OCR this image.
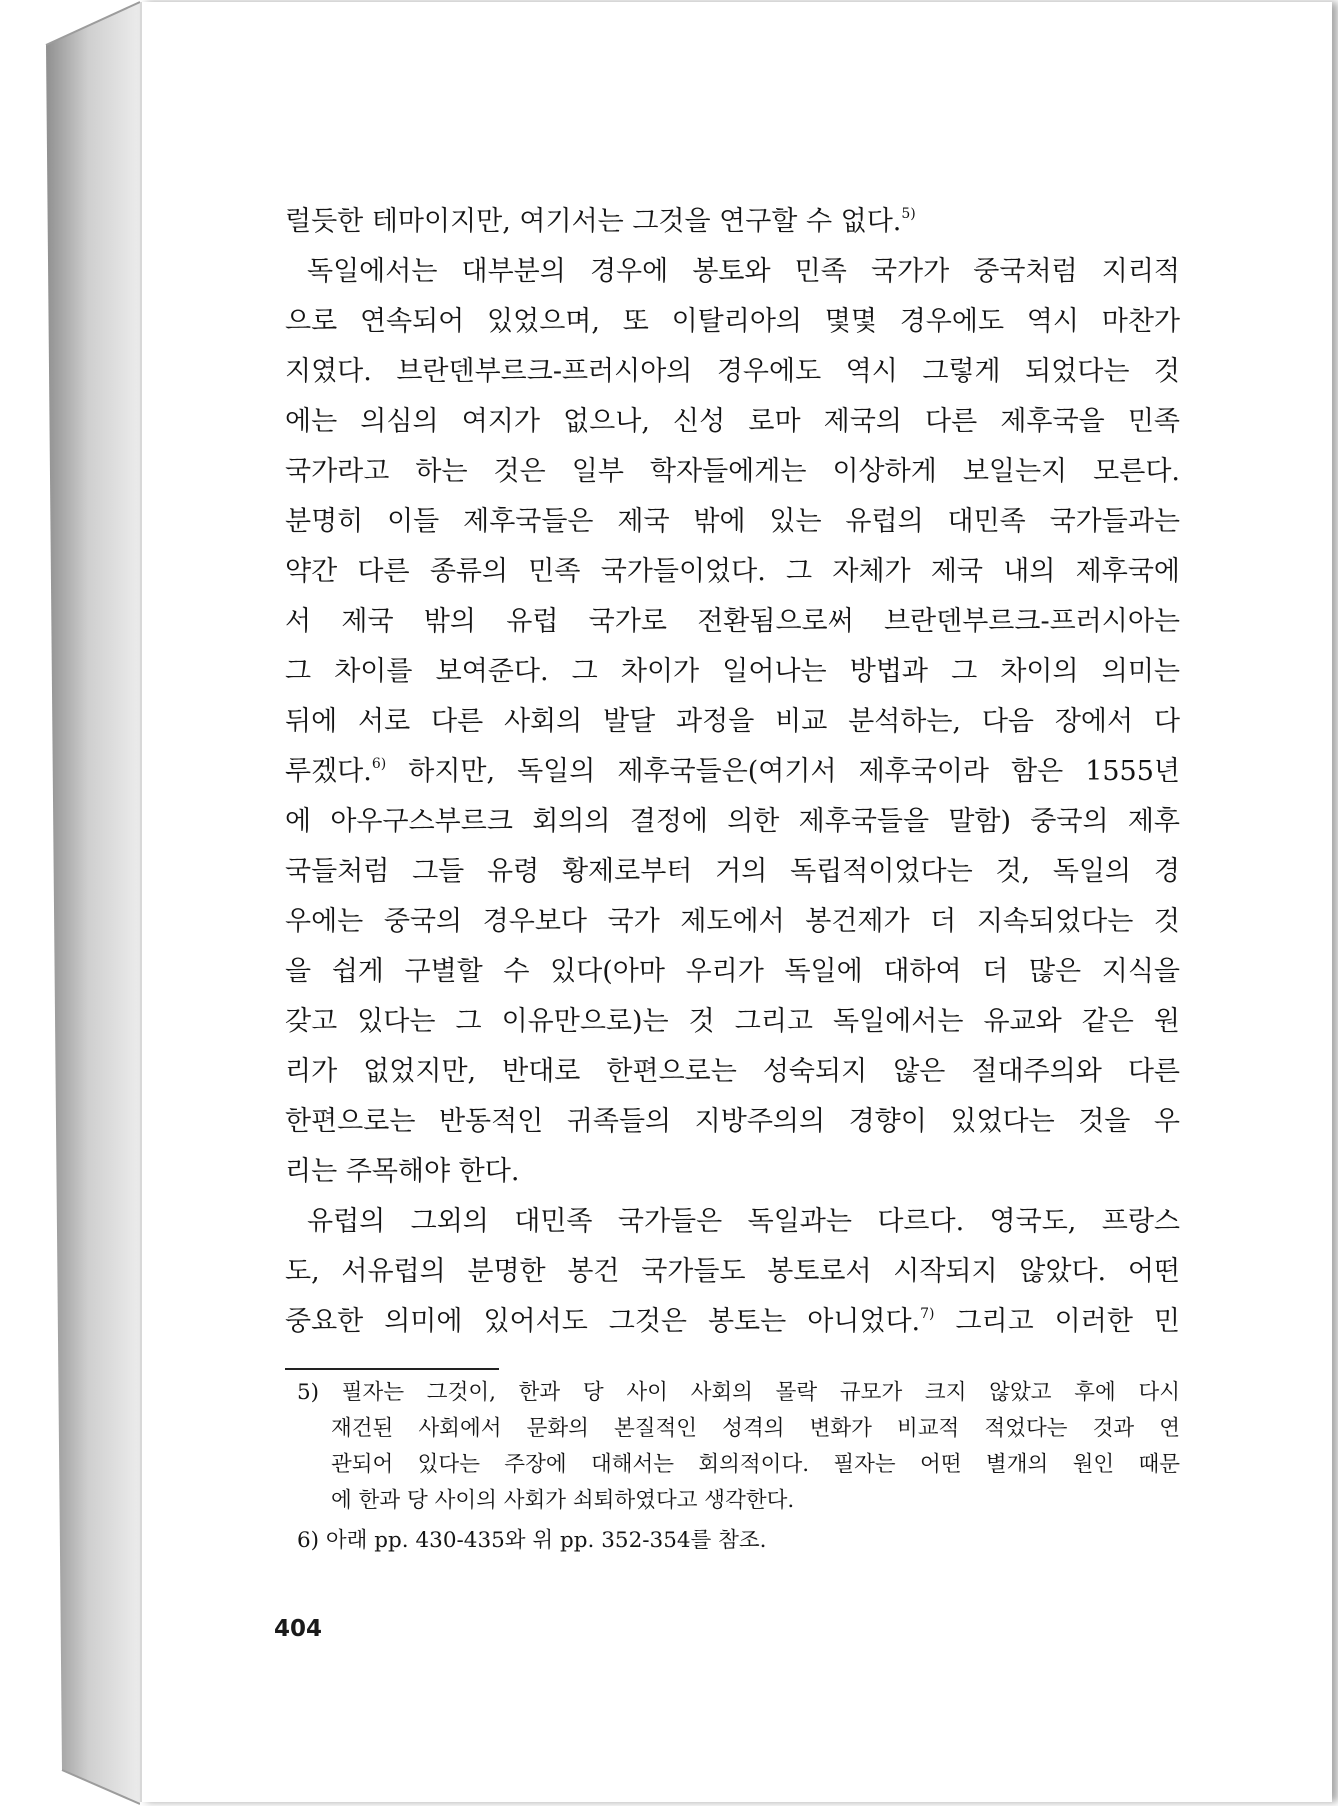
럴듯한 테마이지만, 여기서는 그것을 연구할 수 없다.$^{5)}$
독일에서는 대부분의 경우에 봉토와 민족 국가가 중국처럼 지리적
으로 연속되어 있었으며, 또 이탈리아의 몇몇 경우에도 역시 마찬가
지였다. 브란덴부르크-프러시아의 경우에도 역시 그렇게 되었다는 것
에는 의심의 여지가 없으나, 신성 로마 제국의 다른 제후국을 민족
국가라고 하는 것은 일부 학자들에게는 이상하게 보일는지 모른다.
분명히 이들 제후국들은 제국 밖에 있는 유럽의 대민족 국가들과는
약간 다른 종류의 민족 국가들이었다. 그 자체가 제국 내의 제후국에
서 제국 밖의 유럽 국가로 전환됨으로써 브란덴부르크-프러시아는
그 차이를 보여준다. 그 차이가 일어나는 방법과 그 차이의 의미는
뒤에 서로 다른 사회의 발달 과정을 비교 분석하는, 다음 장에서 다
루겠다.$^{6)}$ 하지만, 독일의 제후국들은(여기서 제후국이라 함은 1555년
에 아우구스부르크 회의의 결정에 의한 제후국들을 말함) 중국의 제후
국들처럼 그들 유령 황제로부터 거의 독립적이었다는 것, 독일의 경
우에는 중국의 경우보다 국가 제도에서 봉건제가 더 지속되었다는 것
을 쉽게 구별할 수 있다(아마 우리가 독일에 대하여 더 많은 지식을
갖고 있다는 그 이유만으로)는 것 그리고 독일에서는 유교와 같은 원
리가 없었지만, 반대로 한편으로는 성숙되지 않은 절대주의와 다른
한편으로는 반동적인 귀족들의 지방주의의 경향이 있었다는 것을 우
리는 주목해야 한다.
유럽의 그외의 대민족 국가들은 독일과는 다르다. 영국도, 프랑스
도, 서유럽의 분명한 봉건 국가들도 봉토로서 시작되지 않았다. 어떤
중요한 의미에 있어서도 그것은 봉토는 아니었다.$^{7)}$ 그리고 이러한 민
5) 필자는 그것이, 한과 당 사이 사회의 몰락 규모가 크지 않았고 후에 다시
재건된 사회에서 문화의 본질적인 성격의 변화가 비교적 적었다는 것과 연
관되어 있다는 주장에 대해서는 회의적이다. 필자는 어떤 별개의 원인 때문
에 한과 당 사이의 사회가 쇠퇴하였다고 생각한다.
6) 아래 pp. 430-435와 위 pp. 352-354를 참조.
404
